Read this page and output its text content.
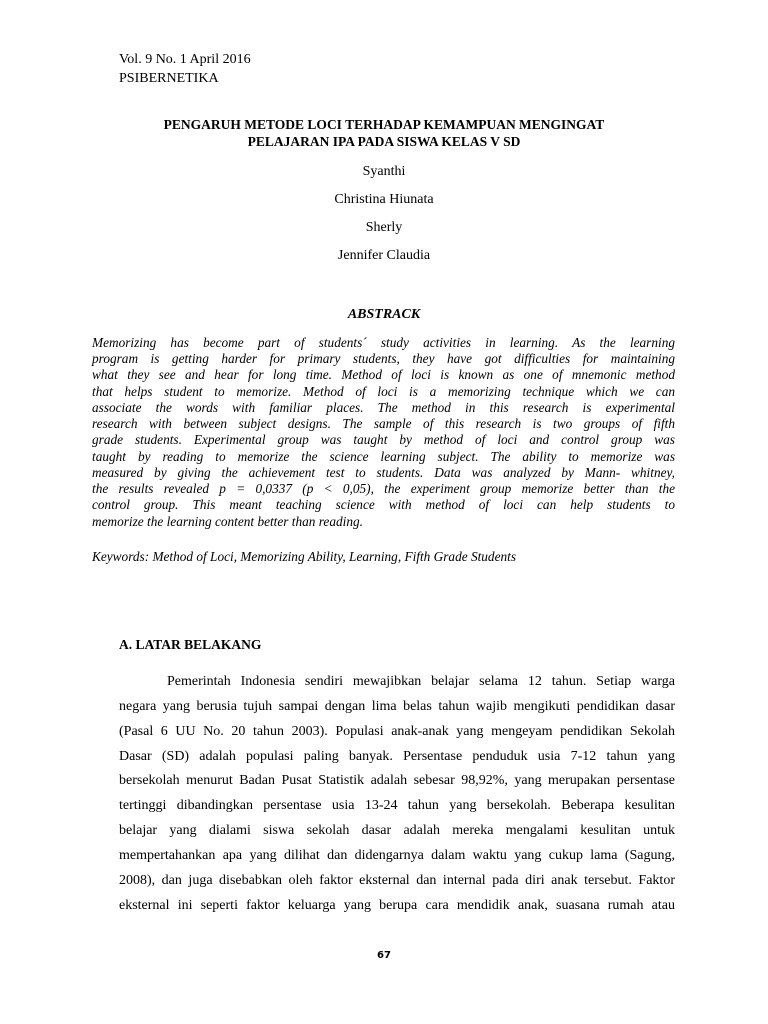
Vol. 9 No. 1 April 2016
PSIBERNETIKA
PENGARUH METODE LOCI TERHADAP KEMAMPUAN MENGINGAT
PELAJARAN IPA PADA SISWA KELAS V SD
Syanthi
Christina Hiunata
Sherly
Jennifer Claudia
ABSTRACK
Memorizing has become part of students´ study activities in learning. As the learning
program is getting harder for primary students, they have got difficulties for maintaining
what they see and hear for long time. Method of loci is known as one of mnemonic method
that helps student to memorize. Method of loci is a memorizing technique which we can
associate the words with familiar places. The method in this research is experimental
research with between subject designs. The sample of this research is two groups of fifth
grade students. Experimental group was taught by method of loci and control group was
taught by reading to memorize the science learning subject. The ability to memorize was
measured by giving the achievement test to students. Data was analyzed by Mann- whitney,
the results revealed p = 0,0337 (p < 0,05), the experiment group memorize better than the
control group. This meant teaching science with method of loci can help students to
memorize the learning content better than reading.
Keywords: Method of Loci, Memorizing Ability, Learning, Fifth Grade Students
A. LATAR BELAKANG
Pemerintah Indonesia sendiri mewajibkan belajar selama 12 tahun. Setiap warga
negara yang berusia tujuh sampai dengan lima belas tahun wajib mengikuti pendidikan dasar
(Pasal 6 UU No. 20 tahun 2003). Populasi anak-anak yang mengeyam pendidikan Sekolah
Dasar (SD) adalah populasi paling banyak. Persentase penduduk usia 7-12 tahun yang
bersekolah menurut Badan Pusat Statistik adalah sebesar 98,92%, yang merupakan persentase
tertinggi dibandingkan persentase usia 13-24 tahun yang bersekolah. Beberapa kesulitan
belajar yang dialami siswa sekolah dasar adalah mereka mengalami kesulitan untuk
mempertahankan apa yang dilihat dan didengarnya dalam waktu yang cukup lama (Sagung,
2008), dan juga disebabkan oleh faktor eksternal dan internal pada diri anak tersebut. Faktor
eksternal ini seperti faktor keluarga yang berupa cara mendidik anak, suasana rumah atau
67
